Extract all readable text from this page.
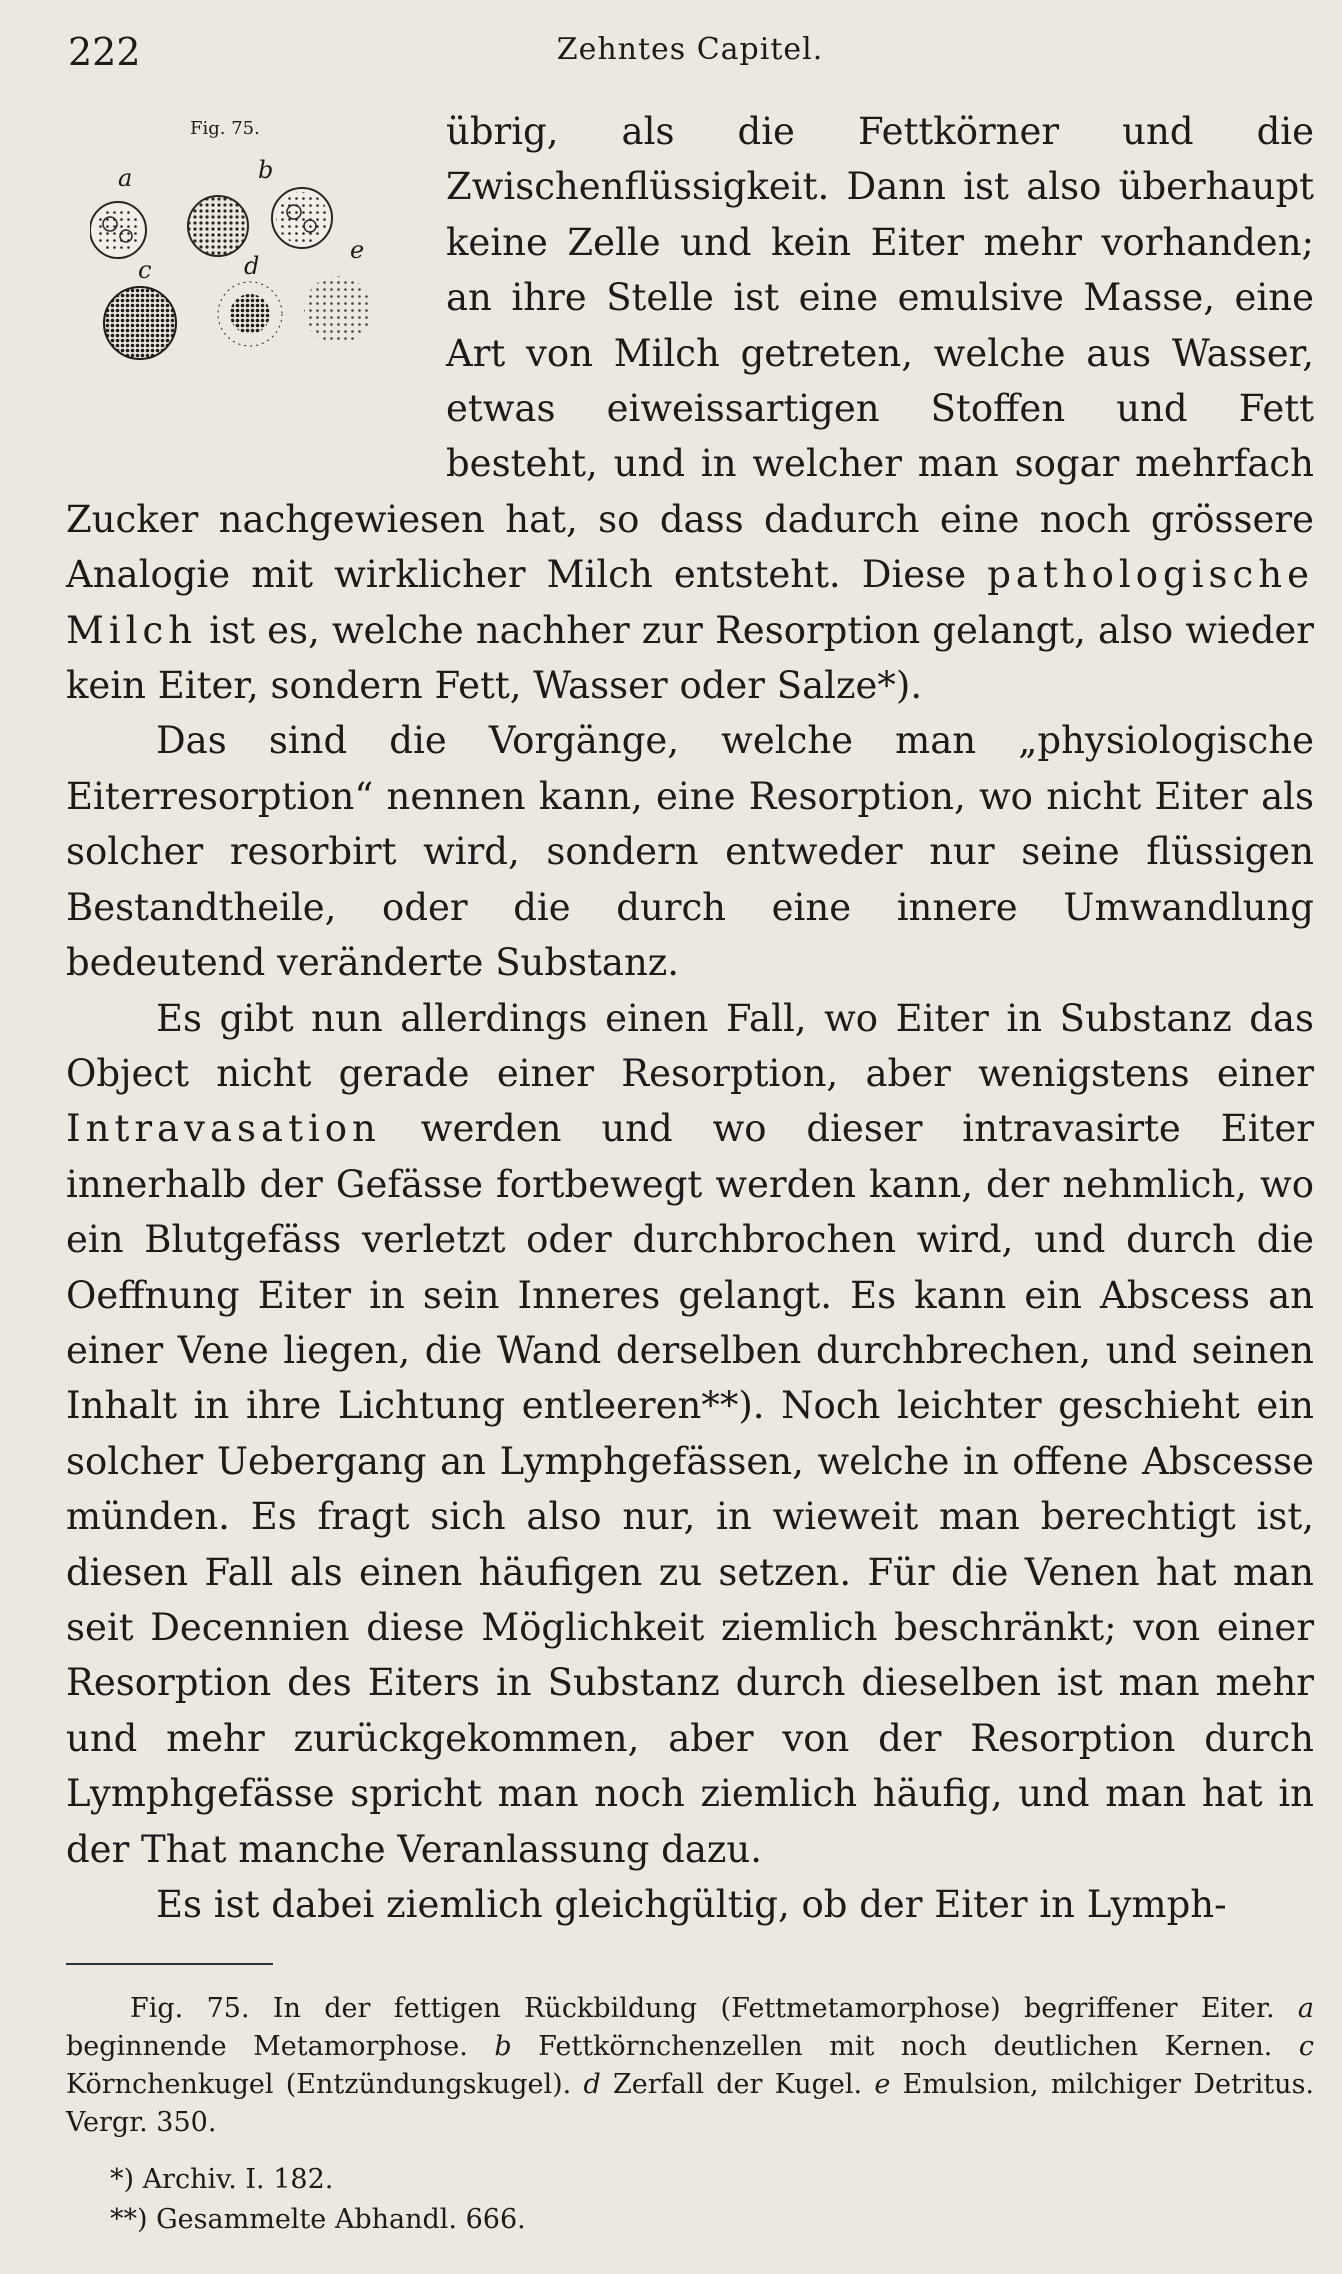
222	Zehntes Capitel.
Fig. 75.
a	b
e
c	d

übrig, als die Fettkörner und die Zwischenflüssigkeit. Dann ist also überhaupt keine Zelle und kein Eiter mehr vorhanden; an ihre Stelle ist eine emulsive Masse, eine Art von Milch getreten, welche aus Wasser, etwas eiweissartigen Stoffen und Fett besteht, und in welcher man sogar mehrfach Zucker nachgewiesen hat, so dass dadurch eine noch grössere Analogie mit wirklicher Milch entsteht. Diese pathologische Milch ist es, welche nachher zur Resorption gelangt, also wieder kein Eiter, sondern Fett, Wasser oder Salze*).

Das sind die Vorgänge, welche man „physiologische Eiterresorption“ nennen kann, eine Resorption, wo nicht Eiter als solcher resorbirt wird, sondern entweder nur seine flüssigen Bestandtheile, oder die durch eine innere Umwandlung bedeutend veränderte Substanz.

Es gibt nun allerdings einen Fall, wo Eiter in Substanz das Object nicht gerade einer Resorption, aber wenigstens einer Intravasation werden und wo dieser intravasirte Eiter innerhalb der Gefässe fortbewegt werden kann, der nehmlich, wo ein Blutgefäss verletzt oder durchbrochen wird, und durch die Oeffnung Eiter in sein Inneres gelangt. Es kann ein Abscess an einer Vene liegen, die Wand derselben durchbrechen, und seinen Inhalt in ihre Lichtung entleeren**). Noch leichter geschieht ein solcher Uebergang an Lymphgefässen, welche in offene Abscesse münden. Es fragt sich also nur, in wieweit man berechtigt ist, diesen Fall als einen häufigen zu setzen. Für die Venen hat man seit Decennien diese Möglichkeit ziemlich beschränkt; von einer Resorption des Eiters in Substanz durch dieselben ist man mehr und mehr zurückgekommen, aber von der Resorption durch Lymphgefässe spricht man noch ziemlich häufig, und man hat in der That manche Veranlassung dazu.

Es ist dabei ziemlich gleichgültig, ob der Eiter in Lymph-

Fig. 75. In der fettigen Rückbildung (Fettmetamorphose) begriffener Eiter. a beginnende Metamorphose. b Fettkörnchenzellen mit noch deutlichen Kernen. c Körnchenkugel (Entzündungskugel). d Zerfall der Kugel. e Emulsion, milchiger Detritus. Vergr. 350.

*) Archiv. I. 182.
**) Gesammelte Abhandl. 666.
